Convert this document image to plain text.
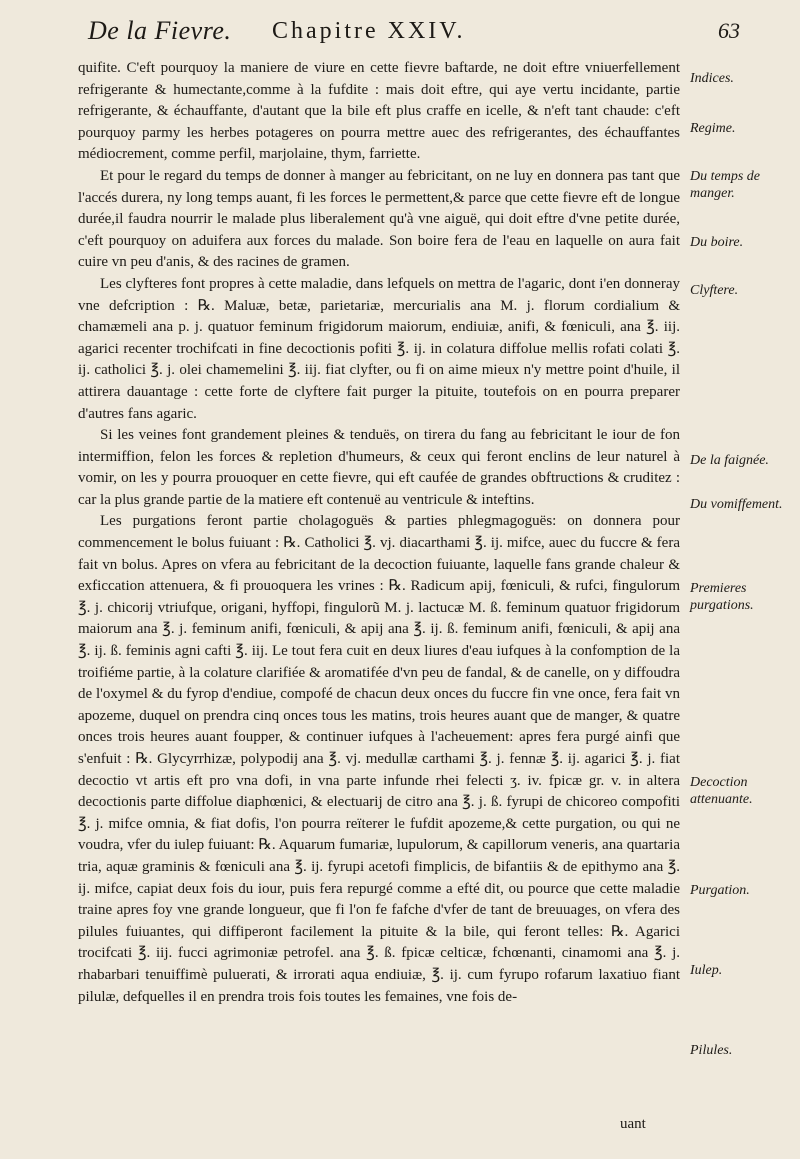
De la Fievre. Chapitre XXIV.	63

quifite. C'eft pourquoy la maniere de viure en cette fievre baftarde, ne doit eftre vniuerfellement refrigerante & humectante,comme à la fufdite : mais doit eftre, qui aye vertu incidante, partie refrigerante, & échauffante, d'autant que la bile eft plus craffe en icelle, & n'eft tant chaude: c'eft pourquoy parmy les herbes potageres on pourra mettre auec des refrigerantes, des échauffantes médiocrement, comme perfil, marjolaine, thym, farriette.

Et pour le regard du temps de donner à manger au febricitant, on ne luy en donnera pas tant que l'accés durera, ny long temps auant, fi les forces le permettent,& parce que cette fievre eft de longue durée,il faudra nourrir le malade plus liberalement qu'à vne aiguë, qui doit eftre d'vne petite durée, c'eft pourquoy on aduifera aux forces du malade. Son boire fera de l'eau en laquelle on aura fait cuire vn peu d'anis, & des racines de gramen.

Les clyfteres font propres à cette maladie, dans lefquels on mettra de l'agaric, dont i'en donneray vne defcription : ℞. Maluæ, betæ, parietariæ, mercurialis ana M. j. florum cordialium & chamæmeli ana p. j. quatuor feminum frigidorum maiorum, endiuiæ, anifi, & fœniculi, ana ℥. iij. agarici recenter trochifcati in fine decoctionis pofiti ℥. ij. in colatura diffolue mellis rofati colati ℥. ij. catholici ℥. j. olei chamemelini ℥. iij. fiat clyfter, ou fi on aime mieux n'y mettre point d'huile, il attirera dauantage : cette forte de clyftere fait purger la pituite, toutefois on en pourra preparer d'autres fans agaric.

Si les veines font grandement pleines & tenduës, on tirera du fang au febricitant le iour de fon intermiffion, felon les forces & repletion d'humeurs, & ceux qui feront enclins de leur naturel à vomir, on les y pourra prouoquer en cette fievre, qui eft caufée de grandes obftructions & cruditez : car la plus grande partie de la matiere eft contenuë au ventricule & inteftins.

Les purgations feront partie cholagoguës & parties phlegmagoguës: on donnera pour commencement le bolus fuiuant : ℞. Catholici ℥. vj. diacarthami ℥. ij. mifce, auec du fuccre & fera fait vn bolus. Apres on vfera au febricitant de la decoction fuiuante, laquelle fans grande chaleur & exficcation attenuera, & fi prouoquera les vrines : ℞. Radicum apij, fœniculi, & rufci, fingulorum ℥. j. chicorij vtriufque, origani, hyffopi, fingulorũ M. j. lactucæ M. ß. feminum quatuor frigidorum maiorum ana ℥. j. feminum anifi, fœniculi, & apij ana ℥. ij. ß. feminum anifi, fœniculi, & apij ana ℥. ij. ß. feminis agni cafti ℥. iij. Le tout fera cuit en deux liures d'eau iufques à la confomption de la troifiéme partie, à la colature clarifiée & aromatifée d'vn peu de fandal, & de canelle, on y diffoudra de l'oxymel & du fyrop d'endiue, compofé de chacun deux onces du fuccre fin vne once, fera fait vn apozeme, duquel on prendra cinq onces tous les matins, trois heures auant que de manger, & quatre onces trois heures auant foupper, & continuer iufques à l'acheuement: apres fera purgé ainfi que s'enfuit : ℞. Glycyrrhizæ, polypodij ana ℥. vj. medullæ carthami ℥. j. fennæ ℥. ij. agarici ℥. j. fiat decoctio vt artis eft pro vna dofi, in vna parte infunde rhei felecti ʒ. iv. fpicæ gr. v. in altera decoctionis parte diffolue diaphœnici, & electuarij de citro ana ℥. j. ß. fyrupi de chicoreo compofiti ℥. j. mifce omnia, & fiat dofis, l'on pourra reïterer le fufdit apozeme,& cette purgation, ou qui ne voudra, vfer du iulep fuiuant: ℞. Aquarum fumariæ, lupulorum, & capillorum veneris, ana quartaria tria, aquæ graminis & fœniculi ana ℥. ij. fyrupi acetofi fimplicis, de bifantiis & de epithymo ana ℥. ij. mifce, capiat deux fois du iour, puis fera repurgé comme a efté dit, ou pource que cette maladie traine apres foy vne grande longueur, que fi l'on fe fafche d'vfer de tant de breuuages, on vfera des pilules fuiuantes, qui diffiperont facilement la pituite & la bile, qui feront telles: ℞. Agarici trocifcati ℥. iij. fucci agrimoniæ petrofel. ana ℥. ß. fpicæ celticæ, fchœnanti, cinamomi ana ℥. j. rhabarbari tenuiffimè puluerati, & irrorati aqua endiuiæ, ℥. ij. cum fyrupo rofarum laxatiuo fiant pilulæ, defquelles il en prendra trois fois toutes les femaines, vne fois de-

Indices.
Regime.
Du temps de manger.
Du boire.
Clyftere.
De la faignée.
Du vomiffement.
Premieres purgations.
Decoction attenuante.
Purgation.
Iulep.
Pilules.
uant
